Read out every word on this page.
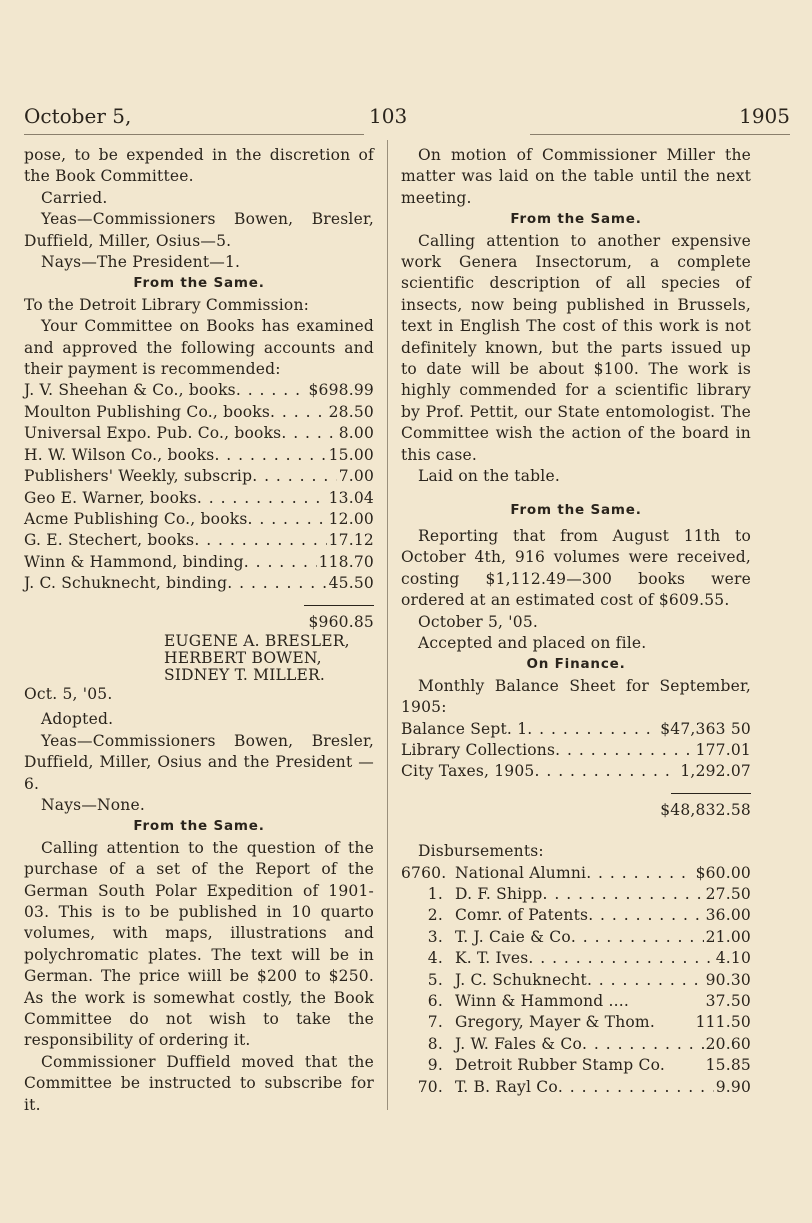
October 5,	103	1905

pose, to be expended in the discretion of the Book Committee.

Carried.

Yeas—Commissioners Bowen, Bresler, Duffield, Miller, Osius—5.

Nays—The President—1.

From the Same.

To the Detroit Library Commission:

Your Committee on Books has examined and approved the following accounts and their payment is recommended:

J. V. Sheehan & Co., books . . .	$698.99
Moulton Publishing Co., books . . .	28.50
Universal Expo. Pub. Co., books . . .	8.00
H. W. Wilson Co., books . . .	15.00
Publishers' Weekly, subscrip . . .	7.00
Geo E. Warner, books . . .	13.04
Acme Publishing Co., books . . .	12.00
G. E. Stechert, books . . .	17.12
Winn & Hammond, binding . . .	118.70
J. C. Schuknecht, binding . . .	45.50
$960.85

EUGENE A. BRESLER,

HERBERT BOWEN,

SIDNEY T. MILLER.

Oct. 5, '05.

Adopted.

Yeas—Commissioners Bowen, Bresler, Duffield, Miller, Osius and the President —6.

Nays—None.

From the Same.

Calling attention to the question of the purchase of a set of the Report of the German South Polar Expedition of 1901-03. This is to be published in 10 quarto volumes, with maps, illustrations and polychromatic plates. The text will be in German. The price wiill be $200 to $250. As the work is somewhat costly, the Book Committee do not wish to take the responsibility of ordering it.

Commissioner Duffield moved that the Committee be instructed to subscribe for it.

On motion of Commissioner Miller the matter was laid on the table until the next meeting.

From the Same.

Calling attention to another expensive work Genera Insectorum, a complete scientific description of all species of insects, now being published in Brussels, text in English The cost of this work is not definitely known, but the parts issued up to date will be about $100. The work is highly commended for a scientific library by Prof. Pettit, our State entomologist. The Committee wish the action of the board in this case.

Laid on the table.

From the Same.

Reporting that from August 11th to October 4th, 916 volumes were received, costing $1,112.49—300 books were ordered at an estimated cost of $609.55.

October 5, '05.

Accepted and placed on file.

On Finance.

Monthly Balance Sheet for September, 1905:

Balance Sept. 1 . . .	$47,363 50
Library Collections . . .	177.01
City Taxes, 1905 . . .	1,292.07
$48,832.58

Disbursements:

6760. National Alumni . . .	$60.00
1. D. F. Shipp . . .	27.50
2. Comr. of Patents . . .	36.00
3. T. J. Caie & Co . . .	21.00
4. K. T. Ives . . .	4.10
5. J. C. Schuknecht . . .	90.30
6. Winn & Hammond ....	37.50
7. Gregory, Mayer & Thom.	111.50
8. J. W. Fales & Co . . .	20.60
9. Detroit Rubber Stamp Co.	15.85
70. T. B. Rayl Co . . .	9.90
